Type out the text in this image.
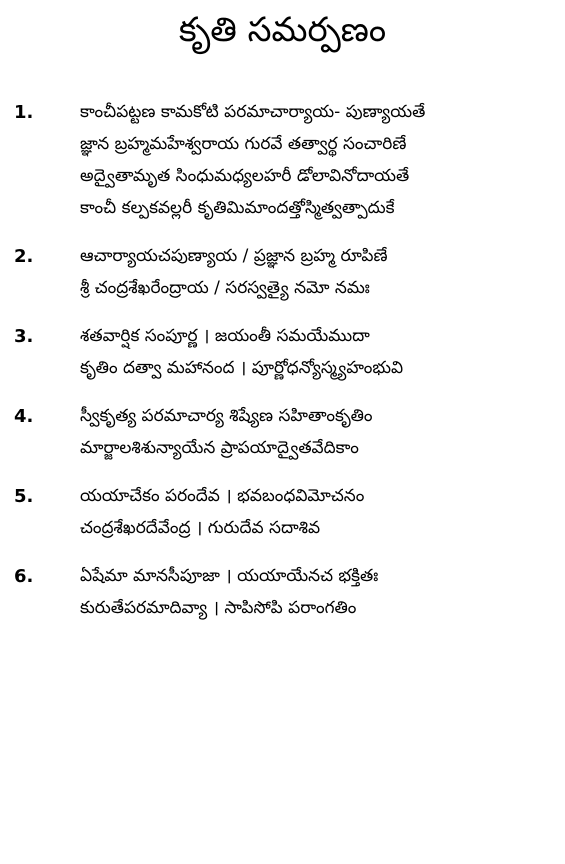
కృతి సమర్పణం
1.	కాంచీపట్టణ కామకోటి పరమాచార్యాయ- పుణ్యాయతే
జ్ఞాన బ్రహ్మమహేశ్వరాయ గురవే తత్వార్థ సంచారిణే
అద్వైతామృత సింధుమధ్యలహరీ డోలావినోదాయతే
కాంచీ కల్పకవల్లరీ కృతిమిమాందత్తోస్మిత్వత్పాదుకే
2.	ఆచార్యాయచపుణ్యాయ / ప్రజ్ఞాన బ్రహ్మ రూపిణే
శ్రీ చంద్రశేఖరేంద్రాయ / సరస్వత్యై నమో నమః
3.	శతవార్షిక సంపూర్ణ । జయంతీ సమయేముదా
కృతిం దత్వా మహానంద । పూర్ణోధన్యోస్మ్యహంభువి
4.	స్వీకృత్య పరమాచార్య శిష్యేణ సహితాంకృతిం
మార్జాలశిశున్యాయేన ప్రాపయాద్వైతవేదికాం
5.	యయాచేకం పరందేవ । భవబంధవిమోచనం
చంద్రశేఖరదేవేంద్ర । గురుదేవ సదాశివ
6.	ఏషేమా మానసీపూజా । యయాయేనచ భక్తితః
కురుతేపరమాదివ్యా । సాపిసోపి పరాంగతిం
